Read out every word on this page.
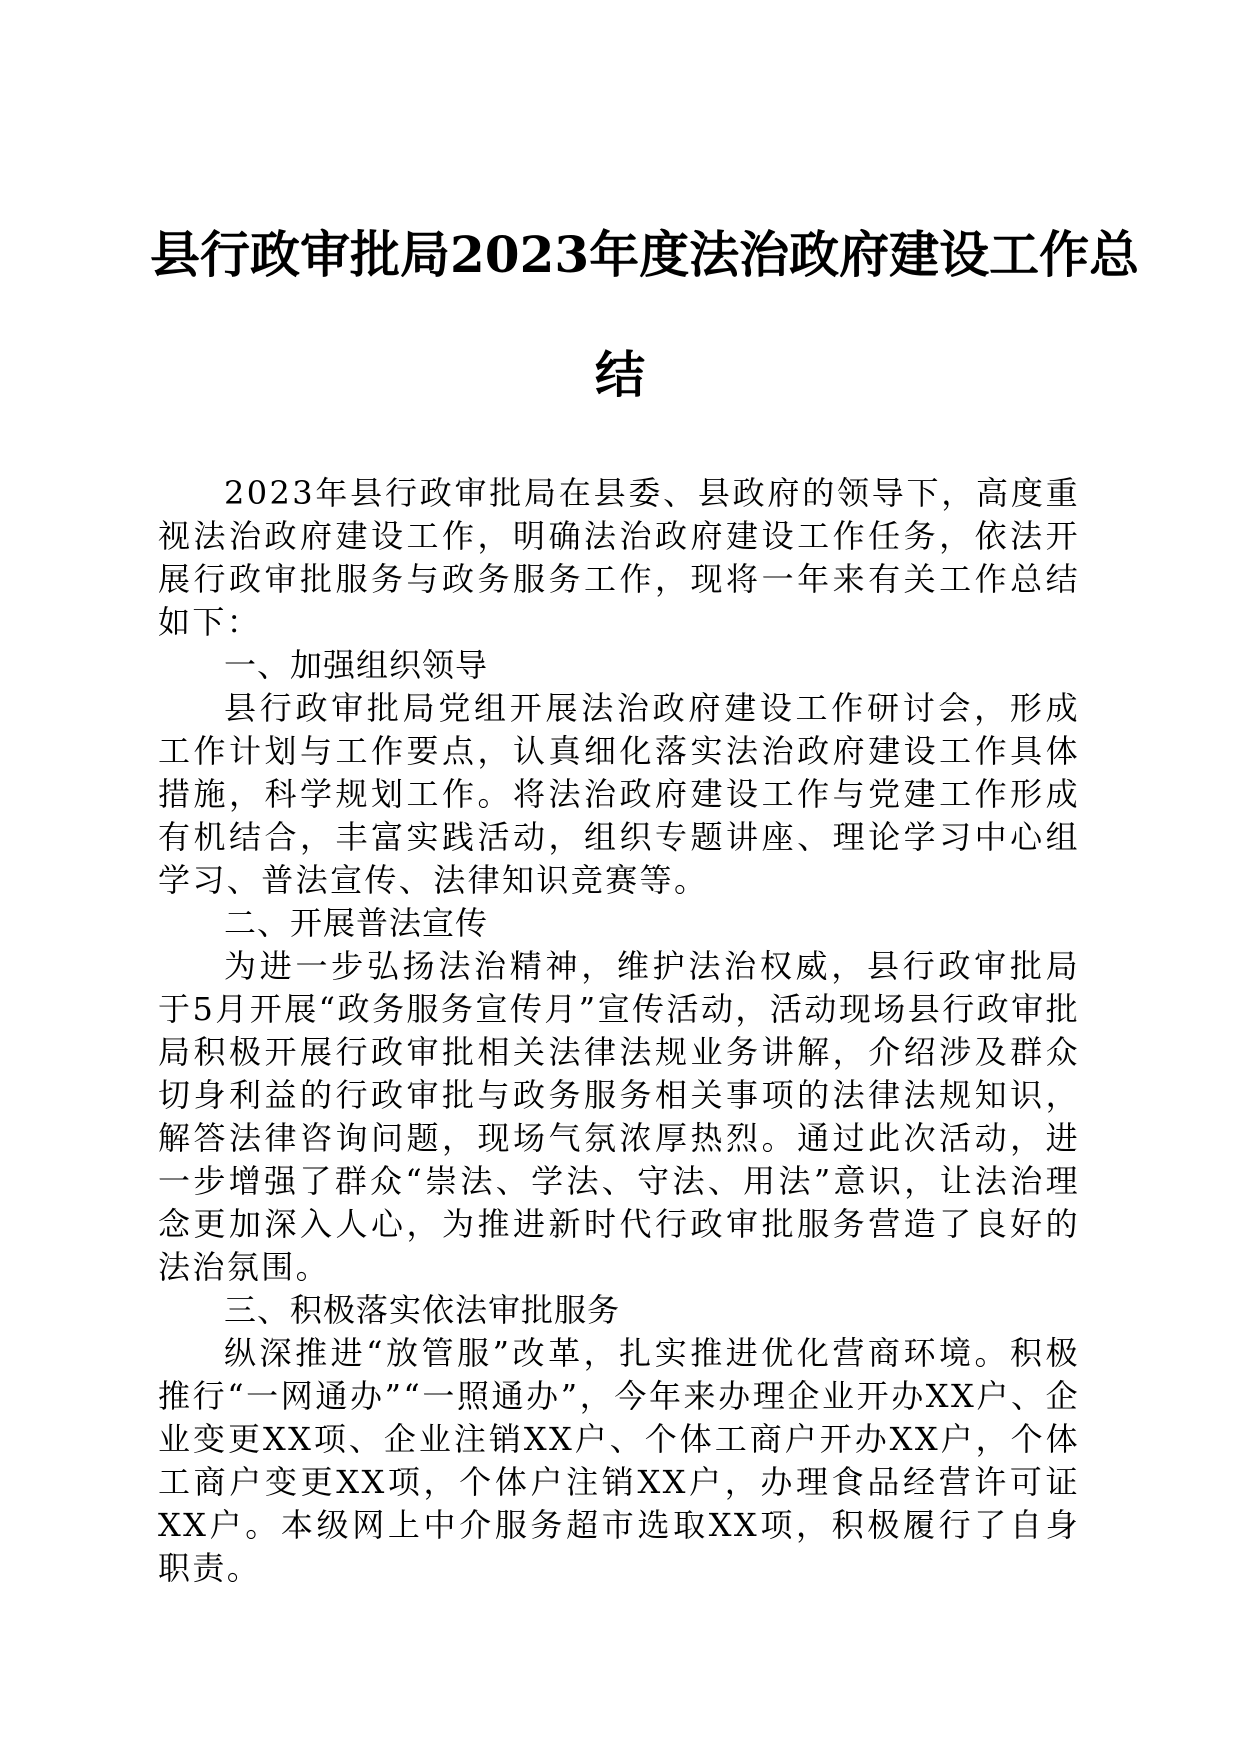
县行政审批局2023年度法治政府建设工作总
结

2023年县行政审批局在县委、县政府的领导下，高度重视法治政府建设工作，明确法治政府建设工作任务，依法开展行政审批服务与政务服务工作，现将一年来有关工作总结如下：

一、加强组织领导

县行政审批局党组开展法治政府建设工作研讨会，形成工作计划与工作要点，认真细化落实法治政府建设工作具体措施，科学规划工作。将法治政府建设工作与党建工作形成有机结合，丰富实践活动，组织专题讲座、理论学习中心组学习、普法宣传、法律知识竞赛等。

二、开展普法宣传

为进一步弘扬法治精神，维护法治权威，县行政审批局于5月开展“政务服务宣传月”宣传活动，活动现场县行政审批局积极开展行政审批相关法律法规业务讲解，介绍涉及群众切身利益的行政审批与政务服务相关事项的法律法规知识，解答法律咨询问题，现场气氛浓厚热烈。通过此次活动，进一步增强了群众“崇法、学法、守法、用法”意识，让法治理念更加深入人心，为推进新时代行政审批服务营造了良好的法治氛围。

三、积极落实依法审批服务

纵深推进“放管服”改革，扎实推进优化营商环境。积极推行“一网通办”“一照通办”，今年来办理企业开办XX户、企业变更XX项、企业注销XX户、个体工商户开办XX户，个体工商户变更XX项，个体户注销XX户，办理食品经营许可证XX户。本级网上中介服务超市选取XX项，积极履行了自身职责。
